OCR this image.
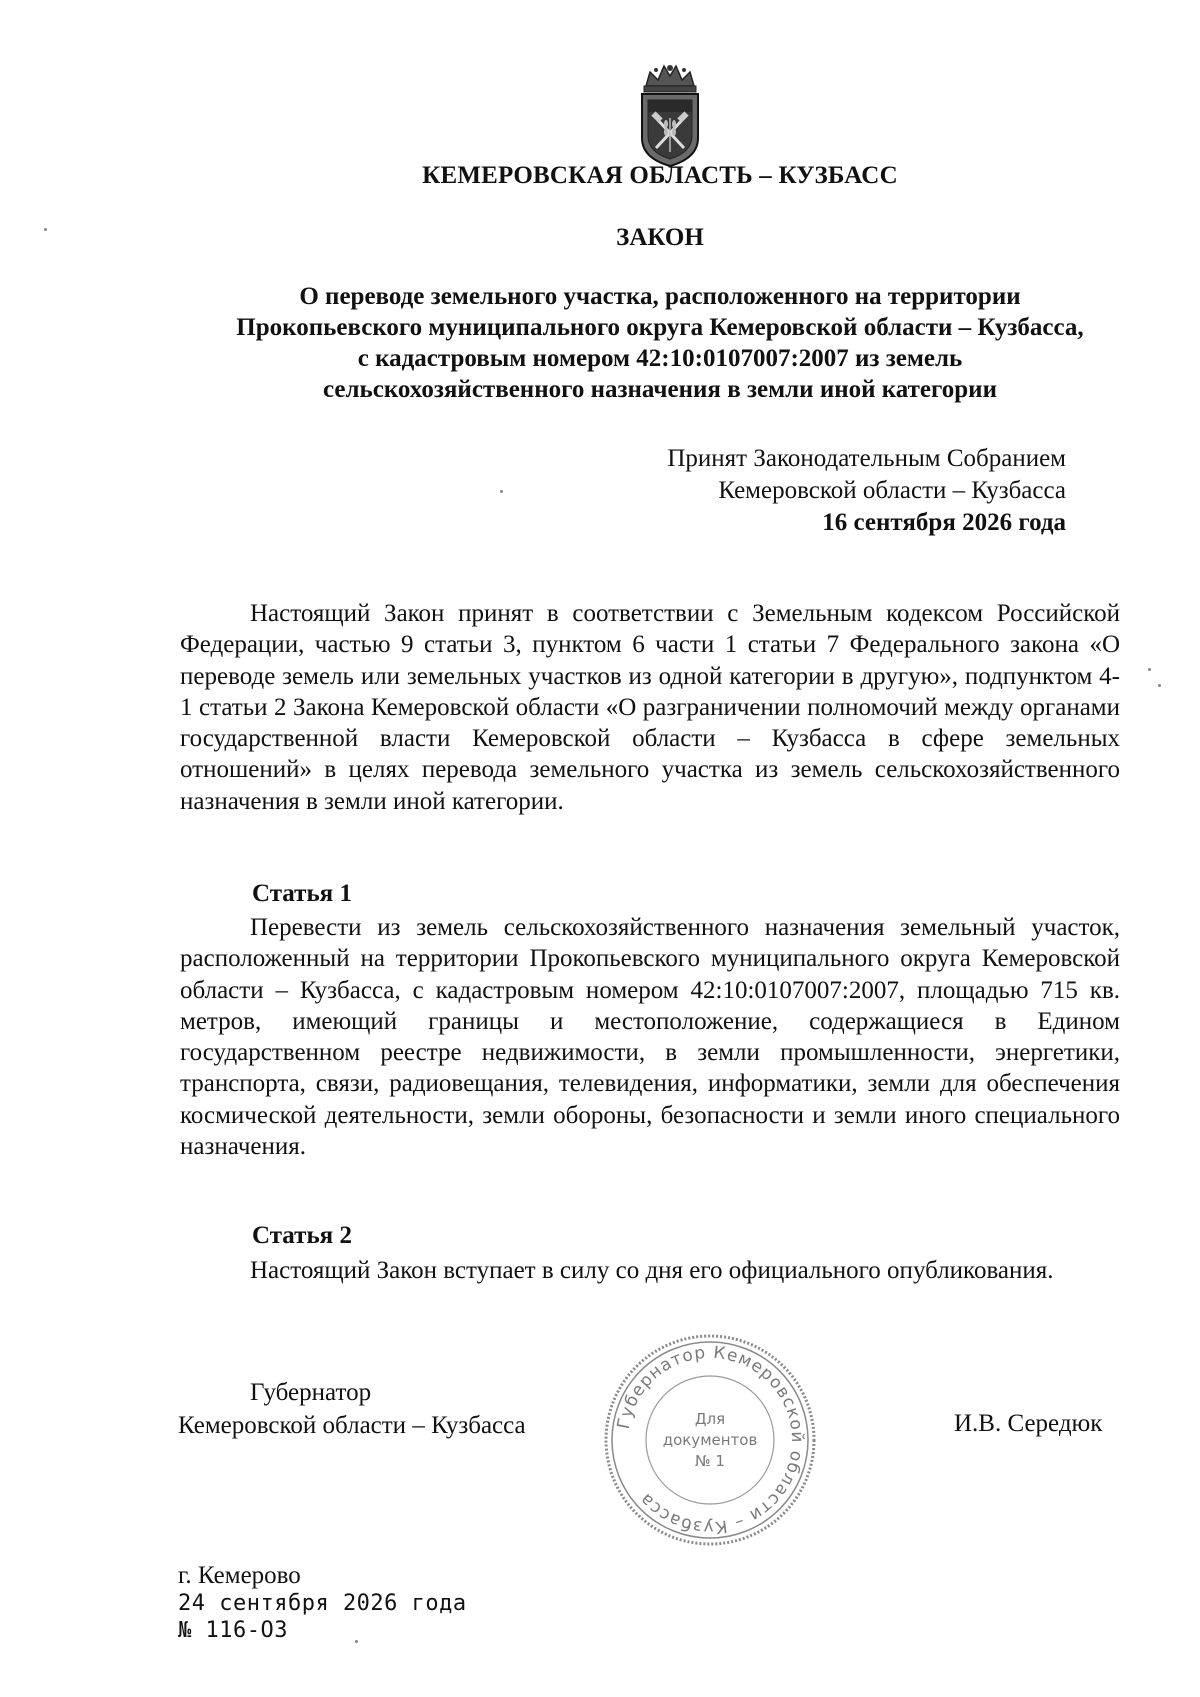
КЕМЕРОВСКАЯ ОБЛАСТЬ – КУЗБАСС
ЗАКОН
О переводе земельного участка, расположенного на территории
Прокопьевского муниципального округа Кемеровской области – Кузбасса,
с кадастровым номером 42:10:0107007:2007 из земель
сельскохозяйственного назначения в земли иной категории
Принят Законодательным Собранием
Кемеровской области – Кузбасса
16 сентября 2026 года
Настоящий Закон принят в соответствии с Земельным кодексом Российской Федерации, частью 9 статьи 3, пунктом 6 части 1 статьи 7 Федерального закона «О переводе земель или земельных участков из одной категории в другую», подпунктом 4-1 статьи 2 Закона Кемеровской области «О разграничении полномочий между органами государственной власти Кемеровской области – Кузбасса в сфере земельных отношений» в целях перевода земельного участка из земель сельскохозяйственного назначения в земли иной категории.
Статья 1
Перевести из земель сельскохозяйственного назначения земельный участок, расположенный на территории Прокопьевского муниципального округа Кемеровской области – Кузбасса, с кадастровым номером 42:10:0107007:2007, площадью 715 кв. метров, имеющий границы и местоположение, содержащиеся в Едином государственном реестре недвижимости, в земли промышленности, энергетики, транспорта, связи, радиовещания, телевидения, информатики, земли для обеспечения космической деятельности, земли обороны, безопасности и земли иного специального назначения.
Статья 2
Настоящий Закон вступает в силу со дня его официального опубликования.
Губернатор
Кемеровской области – Кузбасса	Губернатор Кемеровской области – Кузбасса
Для
документов
№ 1
И.В. Середюк
г. Кемерово
24 сентября 2026 года
№ 116-ОЗ
